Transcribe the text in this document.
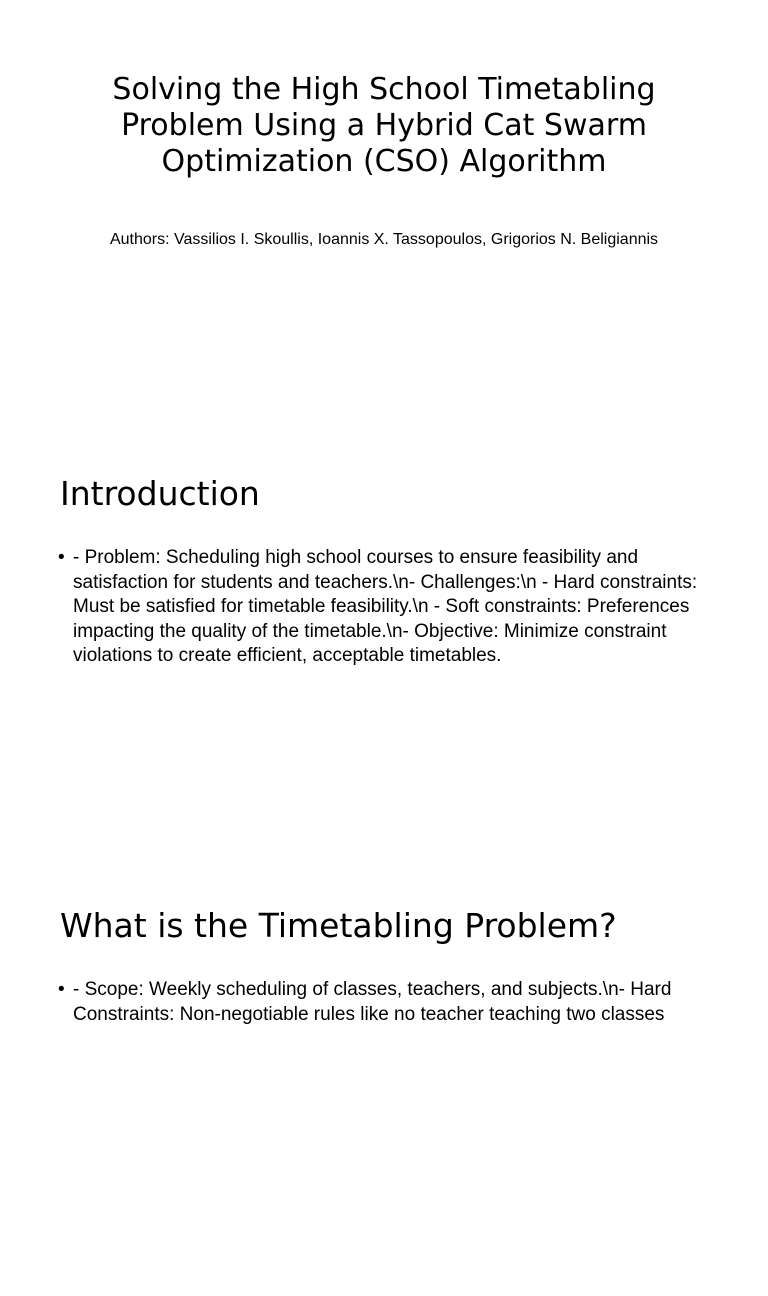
Solving the High School Timetabling Problem Using a Hybrid Cat Swarm Optimization (CSO) Algorithm

Authors: Vassilios I. Skoullis, Ioannis X. Tassopoulos, Grigorios N. Beligiannis

Introduction
• - Problem: Scheduling high school courses to ensure feasibility and satisfaction for students and teachers.\n- Challenges:\n - Hard constraints: Must be satisfied for timetable feasibility.\n - Soft constraints: Preferences impacting the quality of the timetable.\n- Objective: Minimize constraint violations to create efficient, acceptable timetables.
What is the Timetabling Problem?
• - Scope: Weekly scheduling of classes, teachers, and subjects.\n- Hard Constraints: Non-negotiable rules like no teacher teaching two classes
